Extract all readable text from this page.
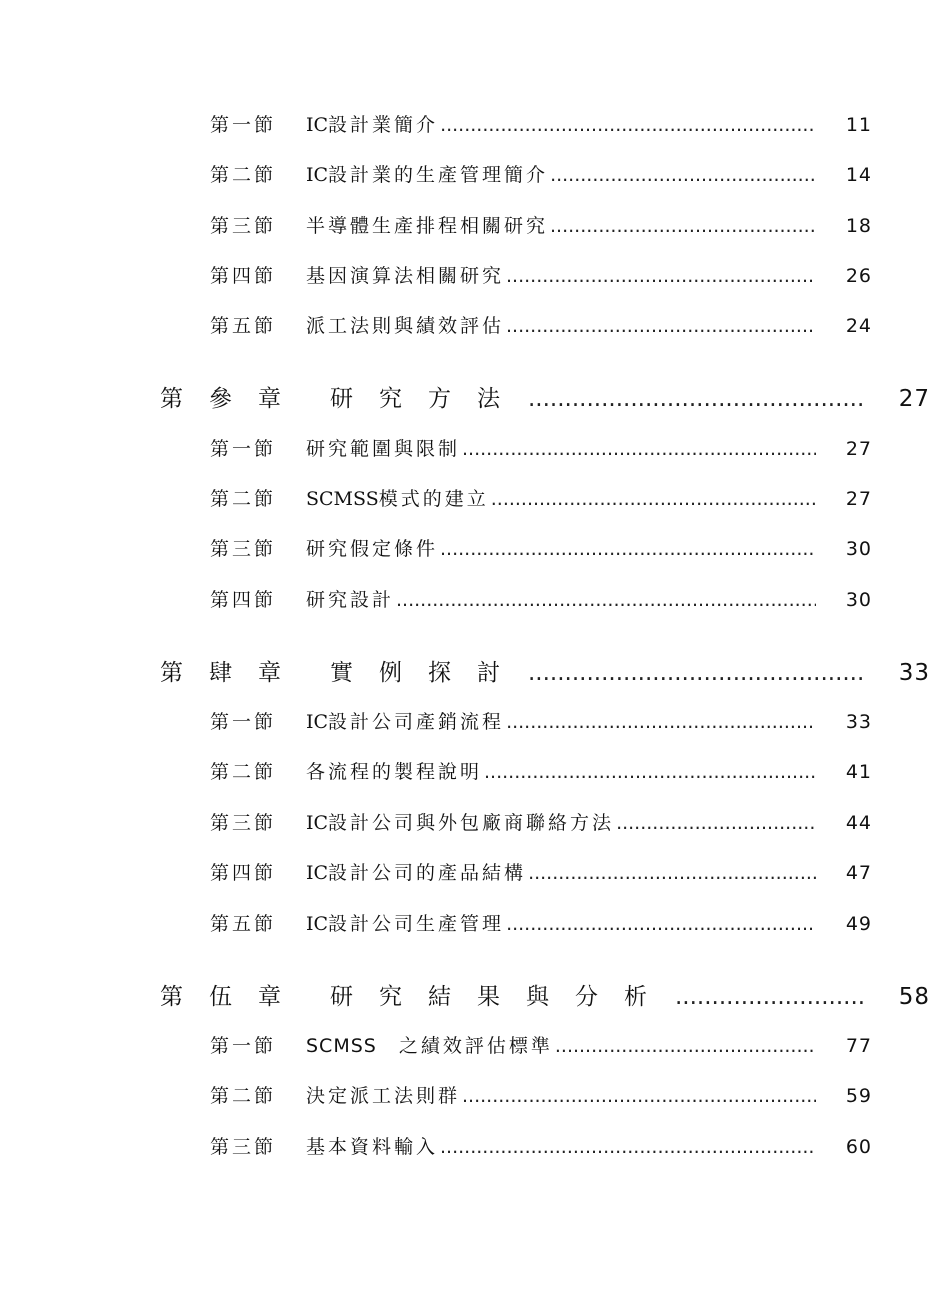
第一節	IC設計業簡介 .....	11
第二節	IC設計業的生產管理簡介 .....	14
第三節	半導體生產排程相關研究 .....	18
第四節	基因演算法相關研究 .....	26
第五節	派工法則與績效評估 .....	24
第參章	研究方法 .....	27
第一節	研究範圍與限制 .....	27
第二節	SCMSS模式的建立 .....	27
第三節	研究假定條件 .....	30
第四節	研究設計 .....	30
第肆章	實例探討 .....	33
第一節	IC設計公司產銷流程 .....	33
第二節	各流程的製程說明 .....	41
第三節	IC設計公司與外包廠商聯絡方法 .....	44
第四節	IC設計公司的產品結構 .....	47
第五節	IC設計公司生產管理 .....	49
第伍章	研究結果與分析 .....	58
第一節	SCMSS 之績效評估標準 .....	77
第二節	決定派工法則群 .....	59
第三節	基本資料輸入 .....	60
